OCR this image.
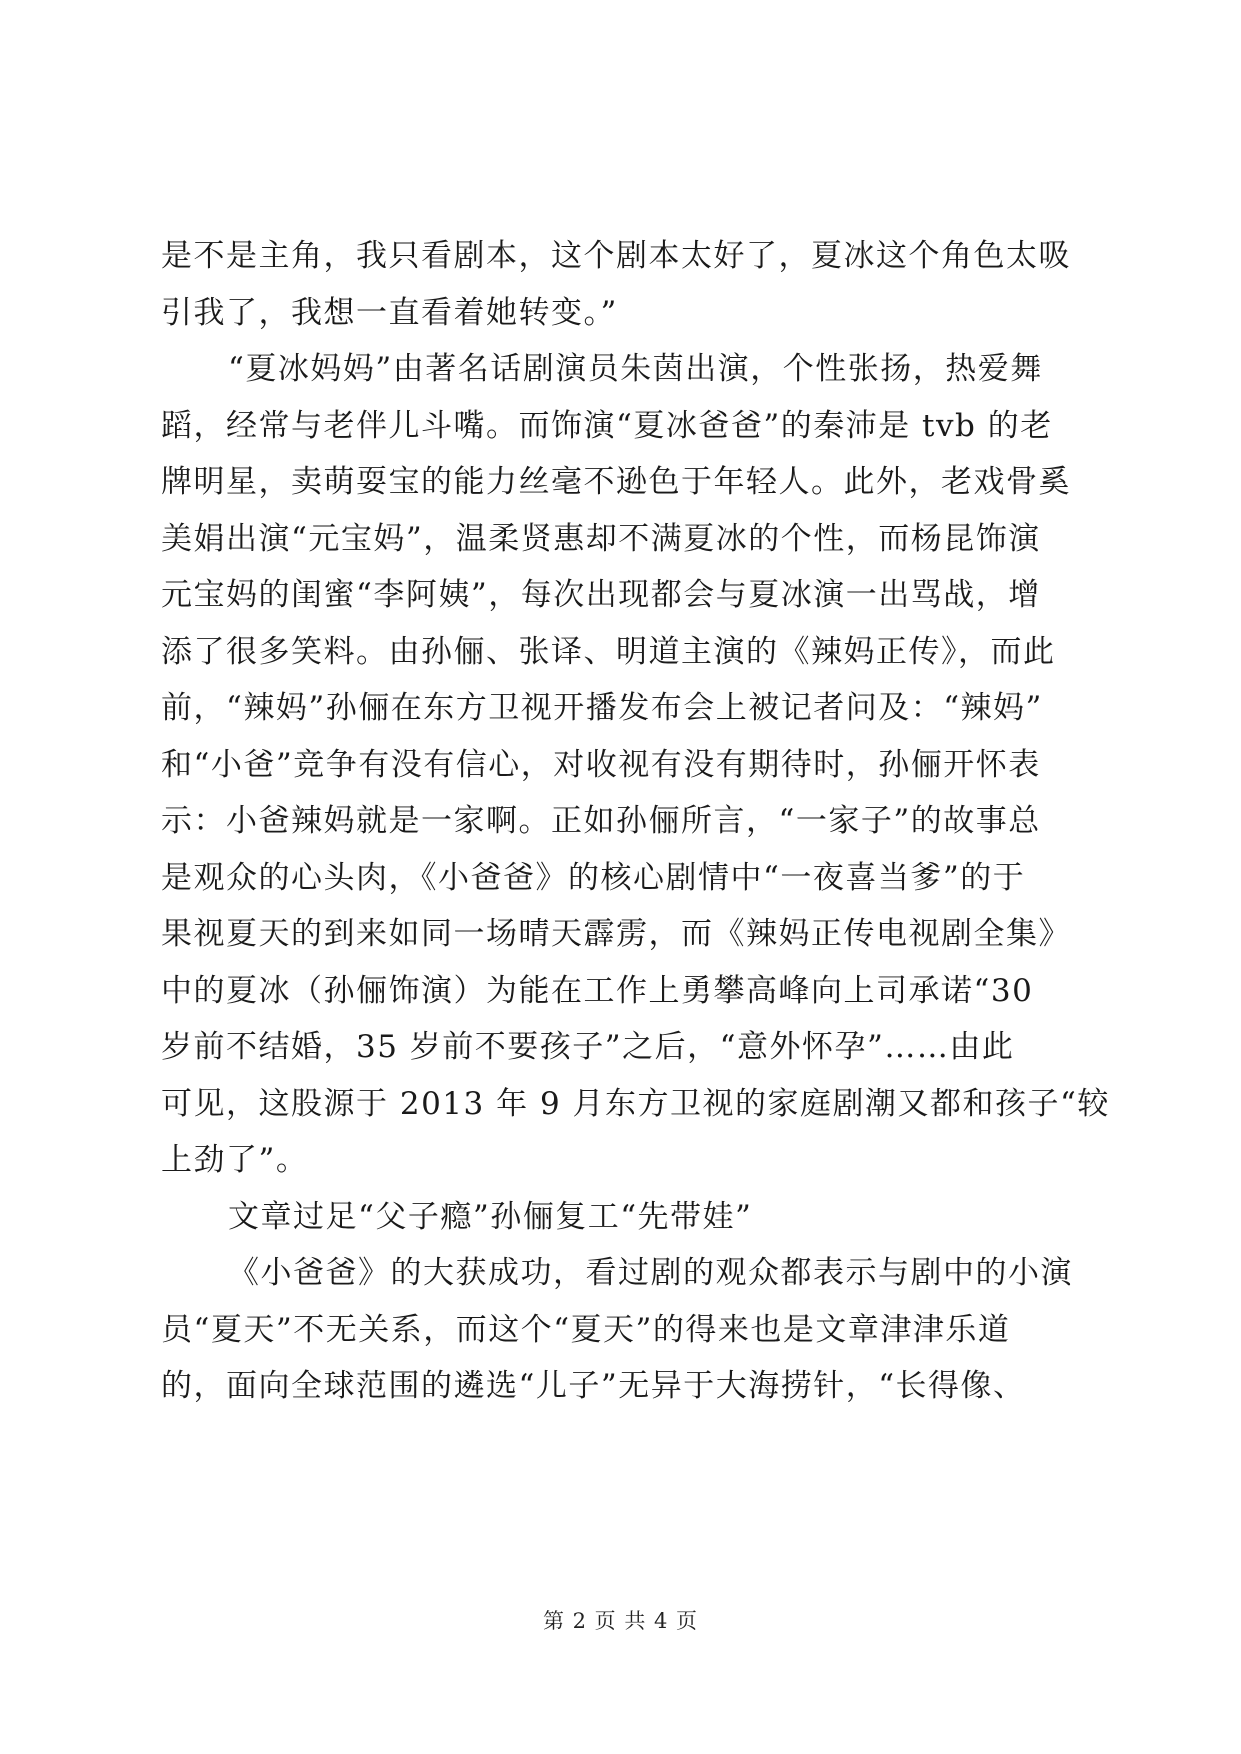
是不是主角，我只看剧本，这个剧本太好了，夏冰这个角色太吸
引我了，我想一直看着她转变。”
“夏冰妈妈”由著名话剧演员朱茵出演，个性张扬，热爱舞
蹈，经常与老伴儿斗嘴。而饰演“夏冰爸爸”的秦沛是 tvb 的老
牌明星，卖萌耍宝的能力丝毫不逊色于年轻人。此外，老戏骨奚
美娟出演“元宝妈”，温柔贤惠却不满夏冰的个性，而杨昆饰演
元宝妈的闺蜜“李阿姨”，每次出现都会与夏冰演一出骂战，增
添了很多笑料。由孙俪、张译、明道主演的《辣妈正传》，而此
前，“辣妈”孙俪在东方卫视开播发布会上被记者问及：“辣妈”
和“小爸”竞争有没有信心，对收视有没有期待时，孙俪开怀表
示：小爸辣妈就是一家啊。正如孙俪所言，“一家子”的故事总
是观众的心头肉，《小爸爸》的核心剧情中“一夜喜当爹”的于
果视夏天的到来如同一场晴天霹雳，而《辣妈正传电视剧全集》
中的夏冰（孙俪饰演）为能在工作上勇攀高峰向上司承诺“30
岁前不结婚，35 岁前不要孩子”之后，“意外怀孕”……由此
可见，这股源于 2013 年 9 月东方卫视的家庭剧潮又都和孩子“较
上劲了”。
文章过足“父子瘾”孙俪复工“先带娃”
《小爸爸》的大获成功，看过剧的观众都表示与剧中的小演
员“夏天”不无关系，而这个“夏天”的得来也是文章津津乐道
的，面向全球范围的遴选“儿子”无异于大海捞针，“长得像、
第 2 页 共 4 页
